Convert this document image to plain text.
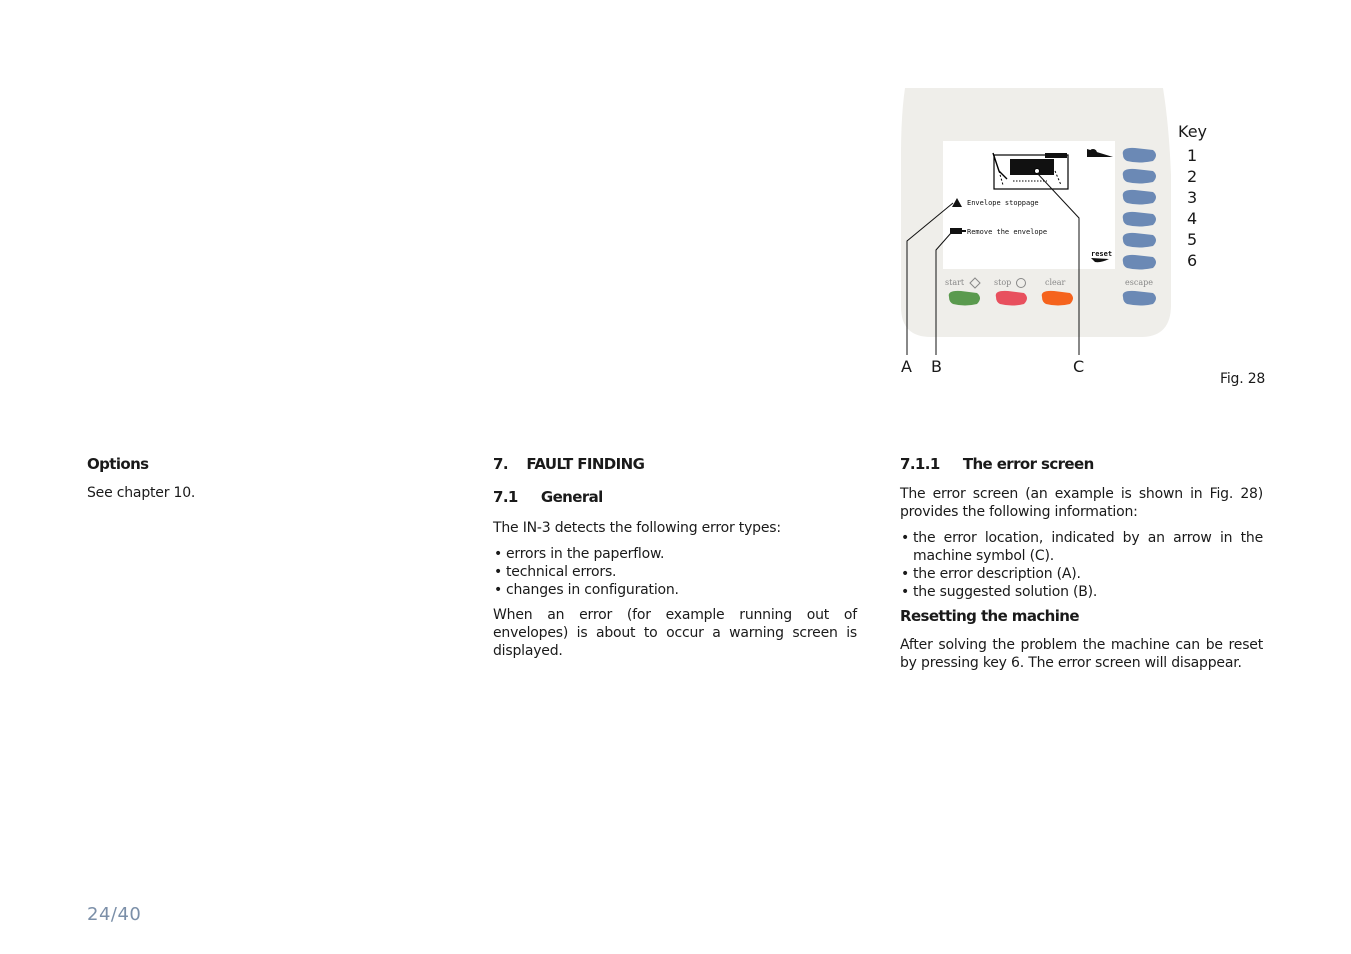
Envelope stoppage
Remove the envelope
reset
start	stop	clear	escape
A B	C
Key
1
2
3
4
5
6
Fig. 28
Options
See chapter 10.
7.    FAULT FINDING
7.1     General
The IN-3 detects the following error types:
• errors in the paperflow.
• technical errors.
• changes in configuration.
When an error (for example running out of envelopes) is about to occur a warning screen is displayed.
7.1.1     The error screen
The error screen (an example is shown in Fig. 28) provides the following information:
• the error location, indicated by an arrow in the machine symbol (C).
• the error description (A).
• the suggested solution (B).
Resetting the machine
After solving the problem the machine can be reset by pressing key 6. The error screen will disappear.
24/40
